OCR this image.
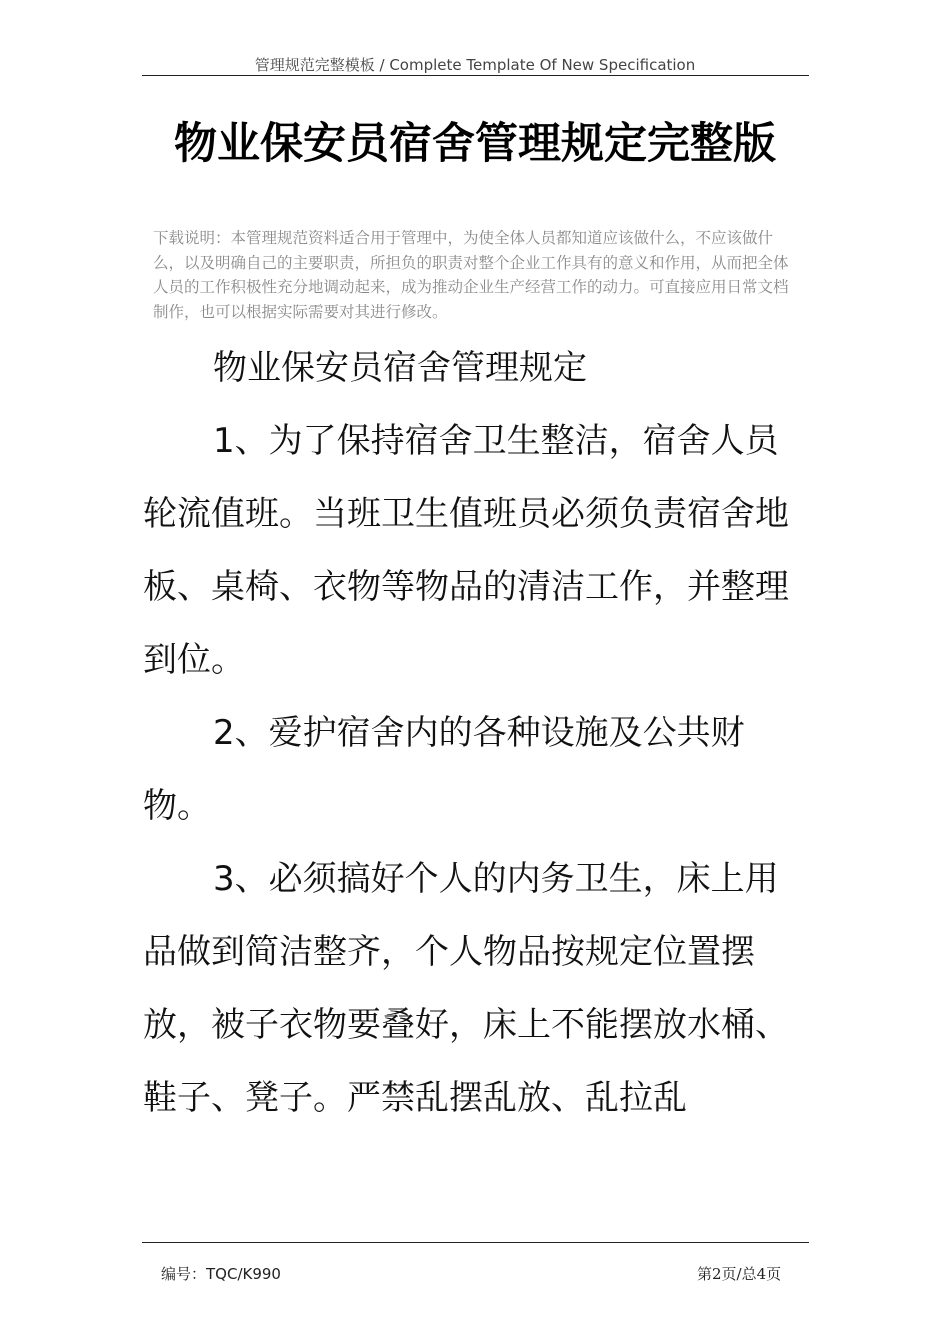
管理规范完整模板 / Complete Template Of New Specification
物业保安员宿舍管理规定完整版

下载说明：本管理规范资料适合用于管理中，为使全体人员都知道应该做什么，不应该做什么，以及明确自己的主要职责，所担负的职责对整个企业工作具有的意义和作用，从而把全体人员的工作积极性充分地调动起来，成为推动企业生产经营工作的动力。可直接应用日常文档制作，也可以根据实际需要对其进行修改。

物业保安员宿舍管理规定

1、为了保持宿舍卫生整洁，宿舍人员轮流值班。当班卫生值班员必须负责宿舍地板、桌椅、衣物等物品的清洁工作，并整理到位。

2、爱护宿舍内的各种设施及公共财物。

3、必须搞好个人的内务卫生，床上用品做到简洁整齐，个人物品按规定位置摆放，被子衣物要叠好，床上不能摆放水桶、鞋子、凳子。严禁乱摆乱放、乱拉乱

编号：TQC/K990	第2页/总4页
